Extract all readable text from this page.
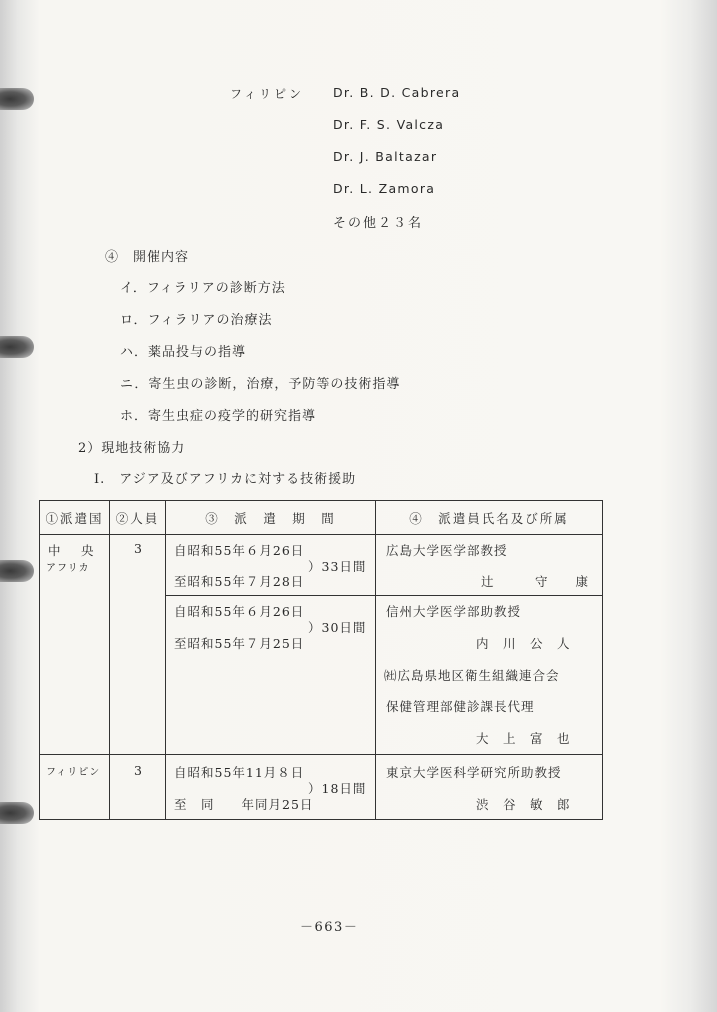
フィリピン Dr. B. D. Cabrera
Dr. F. S. Valcza
Dr. J. Baltazar
Dr. L. Zamora
その他２３名
④　開催内容
イ．フィラリアの診断方法
ロ．フィラリアの治療法
ハ．薬品投与の指導
ニ．寄生虫の診断，治療，予防等の技術指導
ホ．寄生虫症の疫学的研究指導
2）現地技術協力
I.　アジア及びアフリカに対する技術援助
①派遣国	②人員	③　派　遣　期　間	④　派遣員氏名及び所属

中　央
アフリカ	3	自昭和55年６月26日
）33日間
至昭和55年７月28日	広島大学医学部教授
辻　　　守　　康

		自昭和55年６月26日
）30日間
至昭和55年７月25日	信州大学医学部助教授
内　川　公　人
㈳広島県地区衛生組織連合会
保健管理部健診課長代理
大　上　富　也

フィリピン	3	自昭和55年11月８日
）18日間
至　同　　年同月25日	東京大学医科学研究所助教授
渋　谷　敏　郎
－663－
